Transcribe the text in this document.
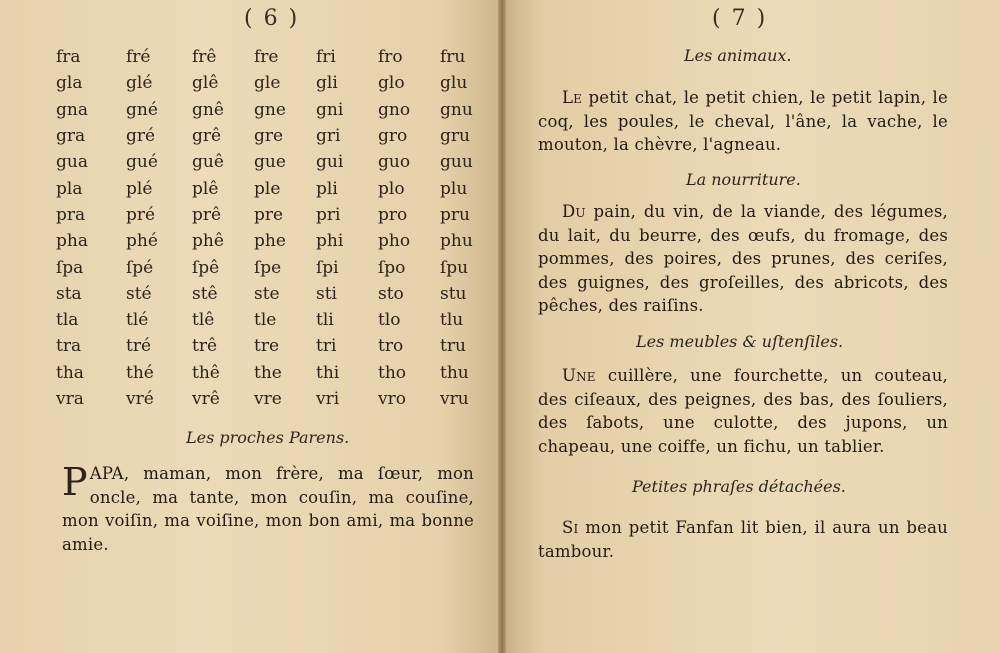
( 6 )
fra	fré	frê	fre	fri	fro	fru
gla	glé	glê	gle	gli	glo	glu
gna	gné	gnê	gne	gni	gno	gnu
gra	gré	grê	gre	gri	gro	gru
gua	gué	guê	gue	gui	guo	guu
pla	plé	plê	ple	pli	plo	plu
pra	pré	prê	pre	pri	pro	pru
pha	phé	phê	phe	phi	pho	phu
ſpa	ſpé	ſpê	ſpe	ſpi	ſpo	ſpu
sta	sté	stê	ste	sti	sto	stu
tla	tlé	tlê	tle	tli	tlo	tlu
tra	tré	trê	tre	tri	tro	tru
tha	thé	thê	the	thi	tho	thu
vra	vré	vrê	vre	vri	vro	vru
Les proches Parens.
PAPA, maman, mon frère, ma ſœur, mon oncle, ma tante, mon couſin, ma couſine, mon voiſin, ma voiſine, mon bon ami, ma bonne amie.
( 7 )
Les animaux.
Le petit chat, le petit chien, le petit lapin, le coq, les poules, le cheval, l'âne, la vache, le mouton, la chèvre, l'agneau.
La nourriture.
Du pain, du vin, de la viande, des légumes, du lait, du beurre, des œufs, du fromage, des pommes, des poires, des prunes, des ceriſes, des guignes, des groſeilles, des abricots, des pêches, des raiſins.
Les meubles & uſtenſiles.
Une cuillère, une fourchette, un couteau, des ciſeaux, des peignes, des bas, des ſouliers, des ſabots, une culotte, des jupons, un chapeau, une coiffe, un fichu, un tablier.
Petites phraſes détachées.
Si mon petit Fanfan lit bien, il aura un beau tambour.
